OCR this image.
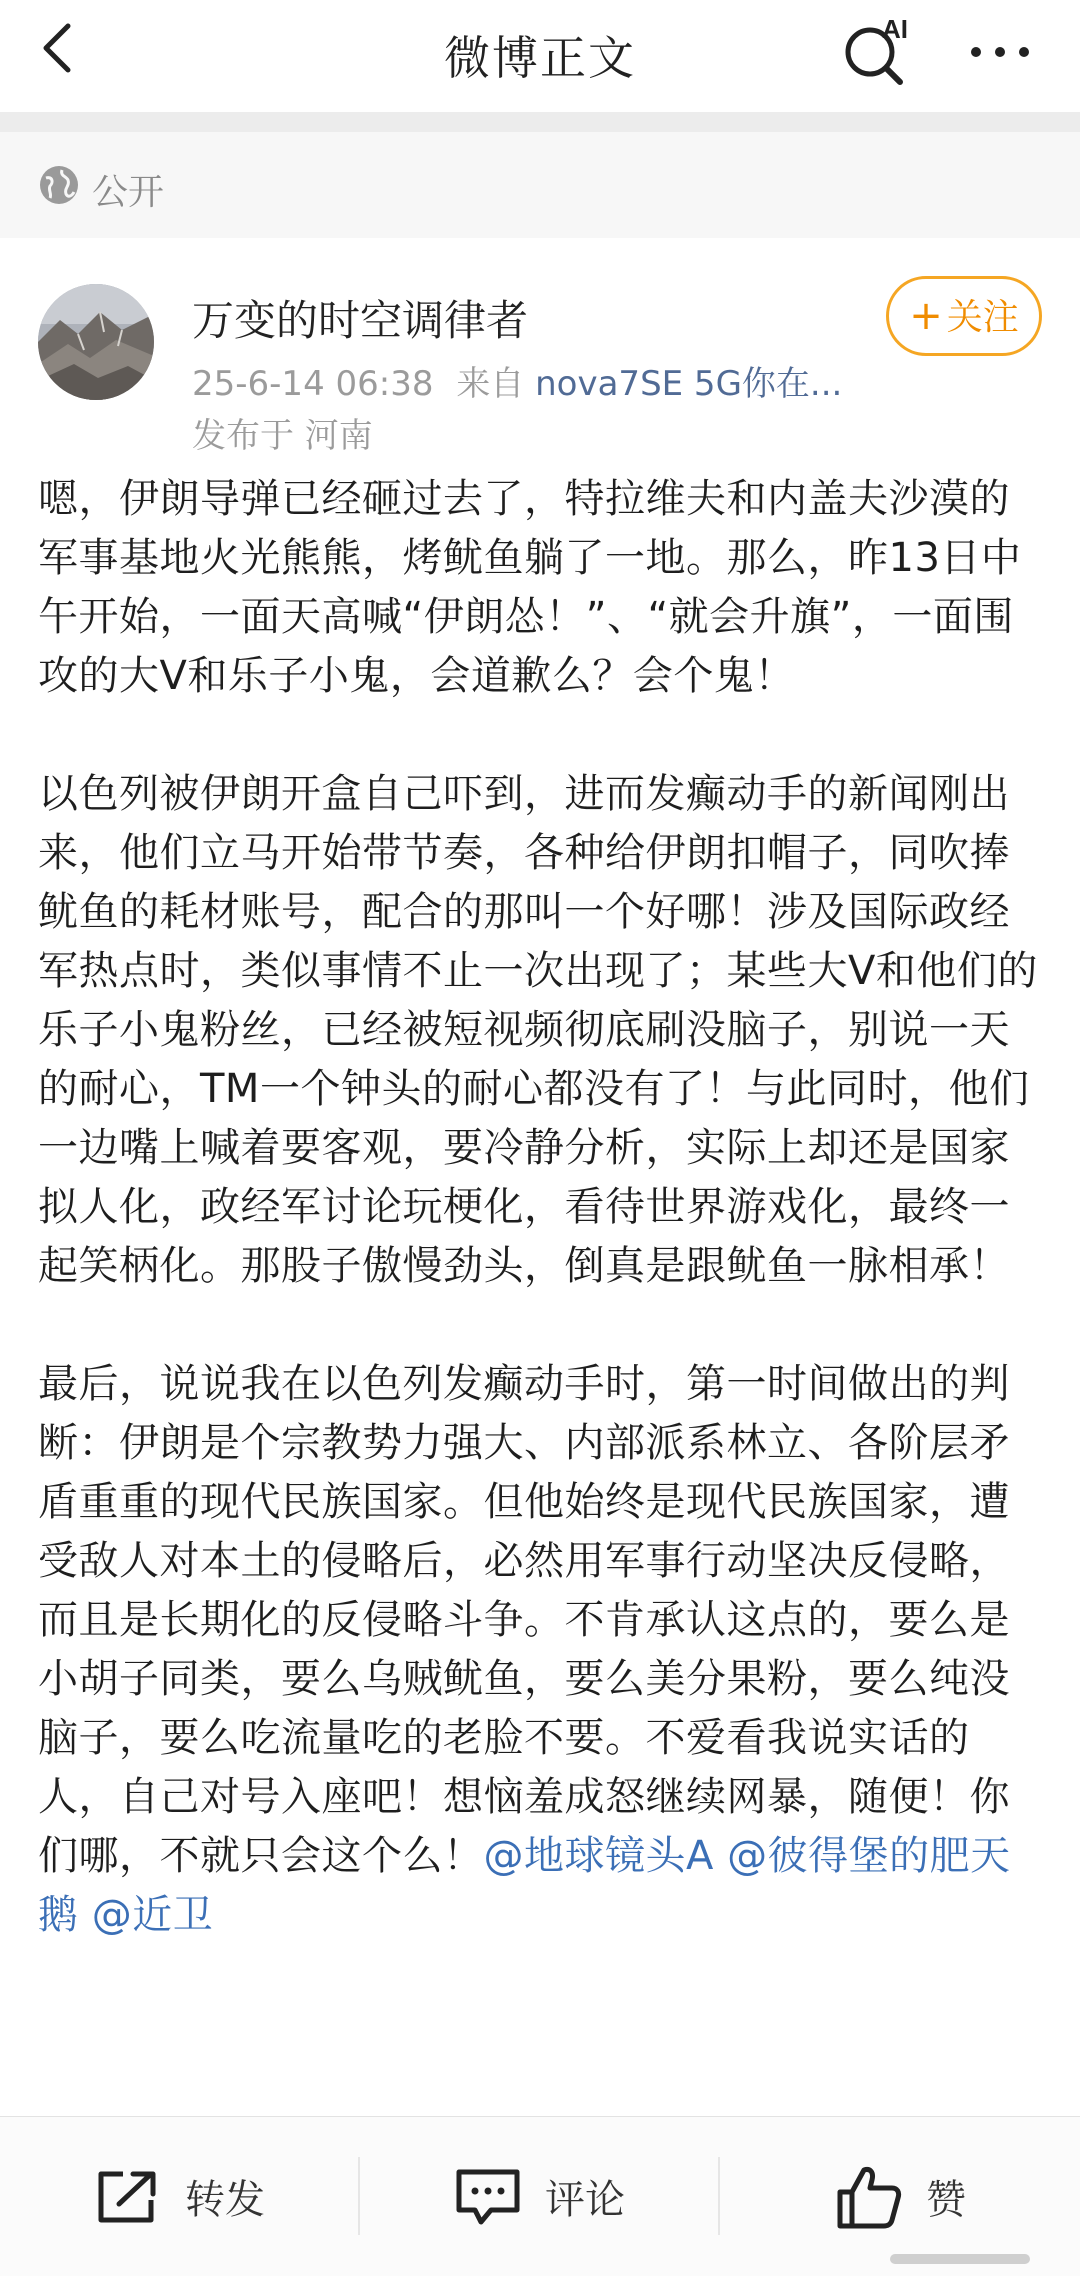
微博正文
AI
公开
万变的时空调律者
25-6-14 06:38 来自 nova7SE 5G你在...
发布于 河南
+ 关注

嗯，伊朗导弹已经砸过去了，特拉维夫和内盖夫沙漠的军事基地火光熊熊，烤鱿鱼躺了一地。那么，昨13日中午开始，一面天高喊“伊朗怂！”、“就会升旗”，一面围攻的大V和乐子小鬼，会道歉么？会个鬼！

以色列被伊朗开盒自己吓到，进而发癫动手的新闻刚出来，他们立马开始带节奏，各种给伊朗扣帽子，同吹捧鱿鱼的耗材账号，配合的那叫一个好哪！涉及国际政经军热点时，类似事情不止一次出现了；某些大V和他们的乐子小鬼粉丝，已经被短视频彻底刷没脑子，别说一天的耐心，TM一个钟头的耐心都没有了！与此同时，他们一边嘴上喊着要客观，要冷静分析，实际上却还是国家拟人化，政经军讨论玩梗化，看待世界游戏化，最终一起笑柄化。那股子傲慢劲头，倒真是跟鱿鱼一脉相承！

最后，说说我在以色列发癫动手时，第一时间做出的判断：伊朗是个宗教势力强大、内部派系林立、各阶层矛盾重重的现代民族国家。但他始终是现代民族国家，遭受敌人对本土的侵略后，必然用军事行动坚决反侵略，而且是长期化的反侵略斗争。不肯承认这点的，要么是小胡子同类，要么乌贼鱿鱼，要么美分果粉，要么纯没脑子，要么吃流量吃的老脸不要。不爱看我说实话的人，自己对号入座吧！想恼羞成怒继续网暴，随便！你们哪，不就只会这个么！@地球镜头A @彼得堡的肥天鹅 @近卫

转发	评论	赞
